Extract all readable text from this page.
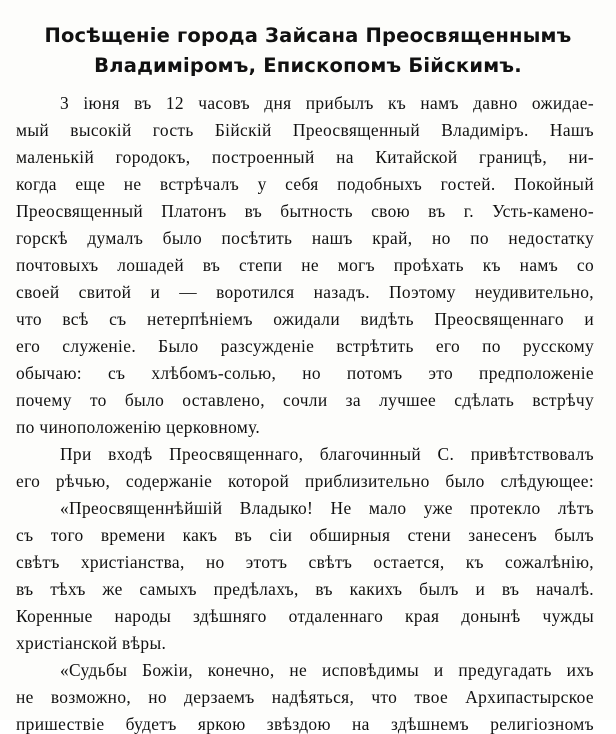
Посѣщеніе города Зайсана Преосвященнымъ
Владиміромъ, Епископомъ Бійскимъ.
3 іюня въ 12 часовъ дня прибылъ къ намъ давно ожидае-
мый высокій гость Бійскій Преосвященный Владиміръ. Нашъ
маленькій городокъ, построенный на Китайской границѣ, ни-
когда еще не встрѣчалъ у себя подобныхъ гостей. Покойный
Преосвященный Платонъ въ бытность свою въ г. Усть-камено-
горскѣ думалъ было посѣтить нашъ край, но по недостатку
почтовыхъ лошадей въ степи не могъ проѣхать къ намъ со
своей свитой и — воротился назадъ. Поэтому неудивительно,
что всѣ съ нетерпѣніемъ ожидали видѣть Преосвященнаго и
его служеніе. Было разсужденіе встрѣтить его по русскому
обычаю: съ хлѣбомъ-солью, но потомъ это предположеніе
почему то было оставлено, сочли за лучшее сдѣлать встрѣчу
по чиноположенію церковному.
При входѣ Преосвященнаго, благочинный С. привѣтствовалъ
его рѣчью, содержаніе которой приблизительно было слѣдующее:
«Преосвященнѣйшій Владыко! Не мало уже протекло лѣтъ
съ того времени какъ въ сіи обширныя стени занесенъ былъ
свѣтъ христіанства, но этотъ свѣтъ остается, къ сожалѣнію,
въ тѣхъ же самыхъ предѣлахъ, въ какихъ былъ и въ началѣ.
Коренные народы здѣшняго отдаленнаго края донынѣ чужды
христіанской вѣры.
«Судьбы Божіи, конечно, не исповѣдимы и предугадать ихъ
не возможно, но дерзаемъ надѣяться, что твое Архипастырское
пришествіе будетъ яркою звѣздою на здѣшнемъ религіозномъ
